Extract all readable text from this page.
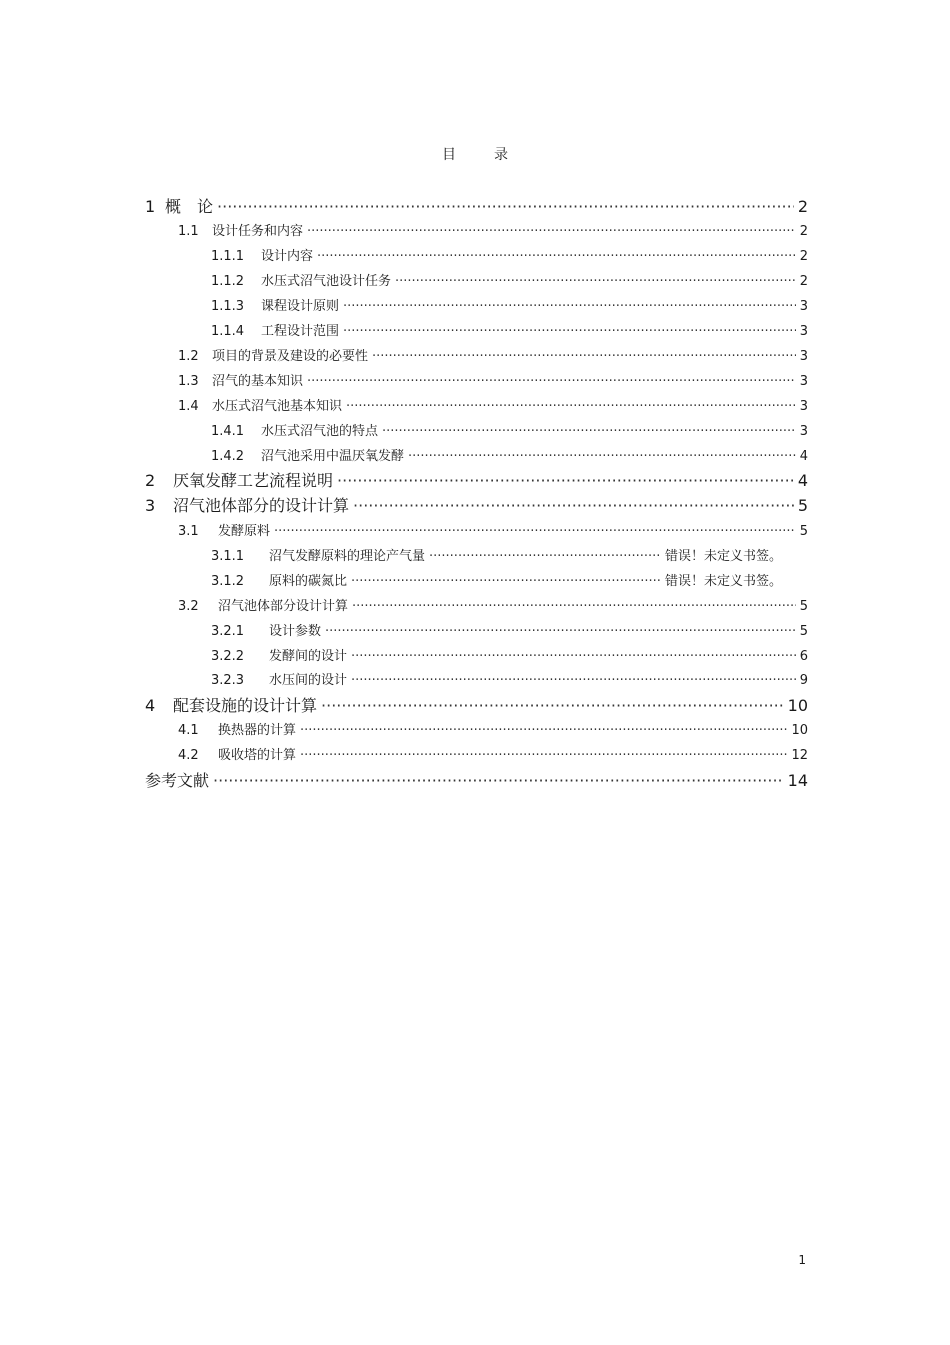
目录
1 概　论 ·····	2
1.1	设计任务和内容 ·····	2
1.1.1	设计内容 ·····	2
1.1.2	水压式沼气池设计任务 ·····	2
1.1.3	课程设计原则 ·····	3
1.1.4	工程设计范围 ·····	3
1.2	项目的背景及建设的必要性 ·····	3
1.3	沼气的基本知识 ·····	3
1.4	水压式沼气池基本知识 ·····	3
1.4.1	水压式沼气池的特点 ·····	3
1.4.2	沼气池采用中温厌氧发酵 ·····	4
2	厌氧发酵工艺流程说明 ·····	4
3	沼气池体部分的设计计算 ·····	5
3.1	发酵原料 ·····	5
3.1.1	沼气发酵原料的理论产气量 ·····	错误！未定义书签。
3.1.2	原料的碳氮比 ·····	错误！未定义书签。
3.2	沼气池体部分设计计算 ·····	5
3.2.1	设计参数 ·····	5
3.2.2	发酵间的设计 ·····	6
3.2.3	水压间的设计 ·····	9
4	配套设施的设计计算 ·····	10
4.1	换热器的计算 ·····	10
4.2	吸收塔的计算 ·····	12
参考文献 ·····	14
1
